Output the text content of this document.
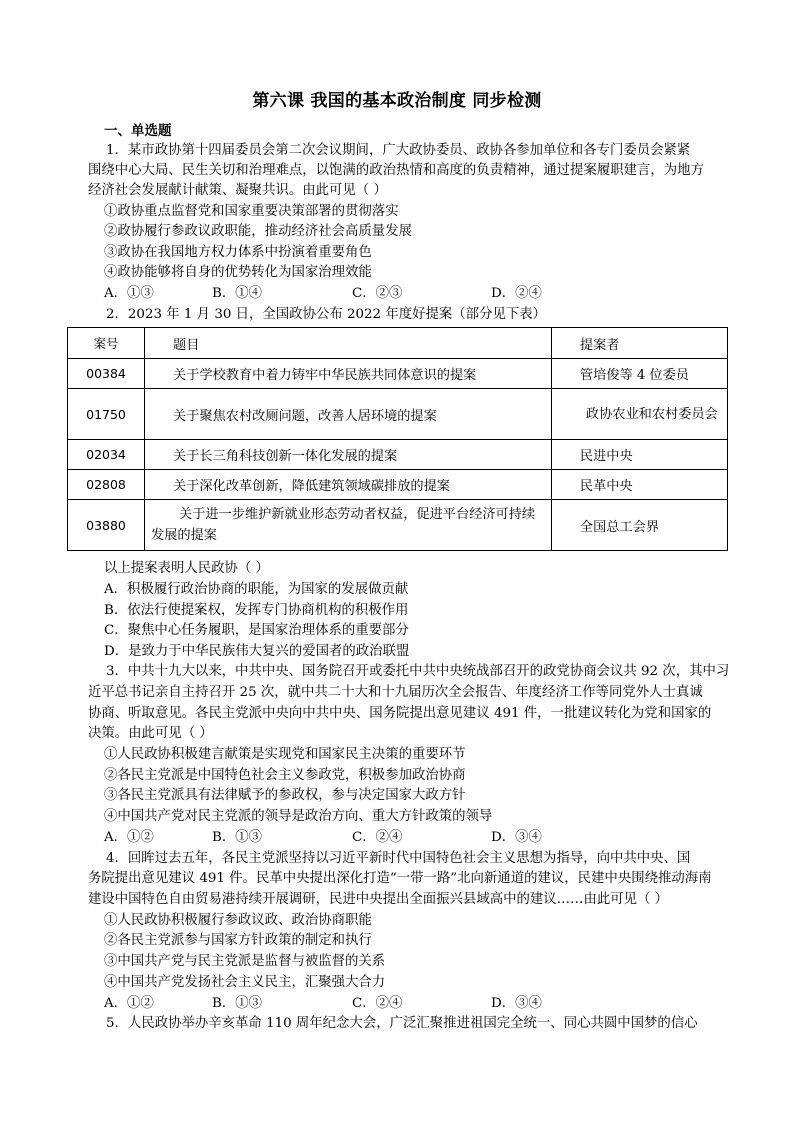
第六课 我国的基本政治制度 同步检测
一、单选题
1．某市政协第十四届委员会第二次会议期间，广大政协委员、政协各参加单位和各专门委员会紧紧
围绕中心大局、民生关切和治理难点，以饱满的政治热情和高度的负责精神，通过提案履职建言，为地方
经济社会发展献计献策、凝聚共识。由此可见（ ）
①政协重点监督党和国家重要决策部署的贯彻落实
②政协履行参政议政职能，推动经济社会高质量发展
③政协在我国地方权力体系中扮演着重要角色
④政协能够将自身的优势转化为国家治理效能
A．①③	B．①④	C．②③	D．②④
2．2023 年 1 月 30 日，全国政协公布 2022 年度好提案（部分见下表）
案号	题目	提案者
00384	关于学校教育中着力铸牢中华民族共同体意识的提案	管培俊等 4 位委员
01750	关于聚焦农村改厕问题，改善人居环境的提案	政协农业和农村委员会
02034	关于长三角科技创新一体化发展的提案	民进中央
02808	关于深化改革创新，降低建筑领域碳排放的提案	民革中央
03880	关于进一步维护新就业形态劳动者权益，促进平台经济可持续发展的提案	全国总工会界
以上提案表明人民政协（ ）
A．积极履行政治协商的职能，为国家的发展做贡献
B．依法行使提案权，发挥专门协商机构的积极作用
C．聚焦中心任务履职，是国家治理体系的重要部分
D．是致力于中华民族伟大复兴的爱国者的政治联盟
3．中共十九大以来，中共中央、国务院召开或委托中共中央统战部召开的政党协商会议共 92 次，其中习
近平总书记亲自主持召开 25 次，就中共二十大和十九届历次全会报告、年度经济工作等同党外人士真诚
协商、听取意见。各民主党派中央向中共中央、国务院提出意见建议 491 件，一批建议转化为党和国家的
决策。由此可见（ ）
①人民政协积极建言献策是实现党和国家民主决策的重要环节
②各民主党派是中国特色社会主义参政党，积极参加政治协商
③各民主党派具有法律赋予的参政权，参与决定国家大政方针
④中国共产党对民主党派的领导是政治方向、重大方针政策的领导
A．①②	B．①③	C．②④	D．③④
4．回眸过去五年，各民主党派坚持以习近平新时代中国特色社会主义思想为指导，向中共中央、国
务院提出意见建议 491 件。民革中央提出深化打造“一带一路”北向新通道的建议，民建中央围绕推动海南
建设中国特色自由贸易港持续开展调研，民进中央提出全面振兴县域高中的建议……由此可见（ ）
①人民政协积极履行参政议政、政治协商职能
②各民主党派参与国家方针政策的制定和执行
③中国共产党与民主党派是监督与被监督的关系
④中国共产党发扬社会主义民主，汇聚强大合力
A．①②	B．①③	C．②④	D．③④
5．人民政协举办辛亥革命 110 周年纪念大会，广泛汇聚推进祖国完全统一、同心共圆中国梦的信心
